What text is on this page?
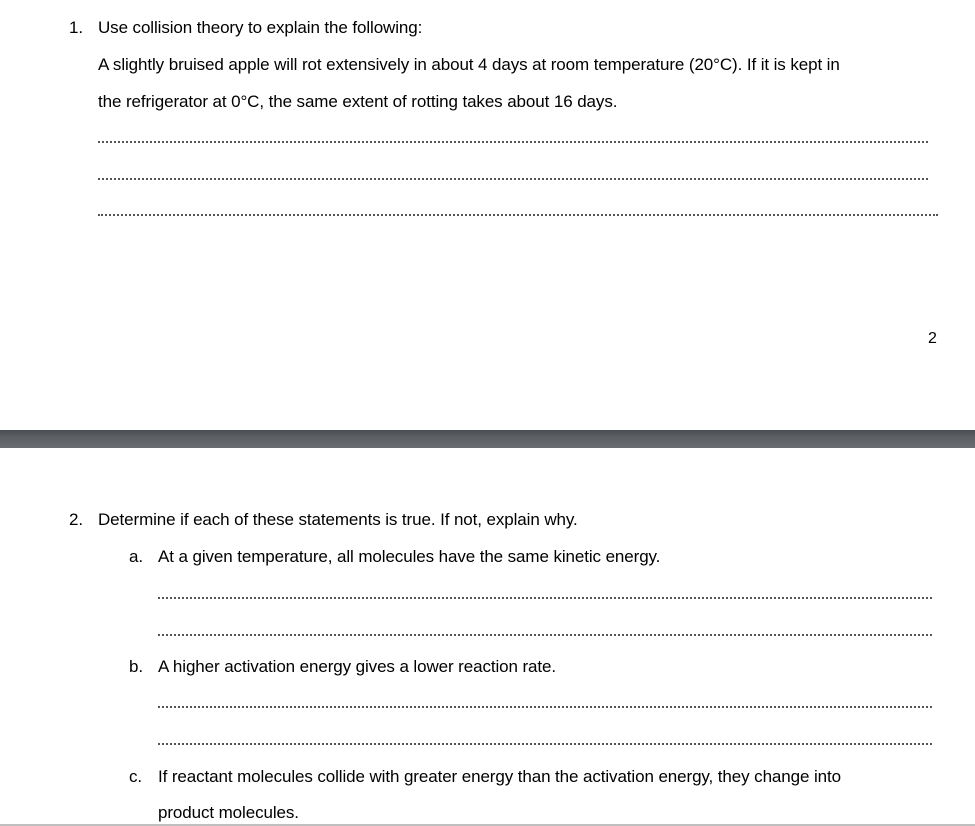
1. Use collision theory to explain the following:
A slightly bruised apple will rot extensively in about 4 days at room temperature (20°C). If it is kept in
the refrigerator at 0°C, the same extent of rotting takes about 16 days.
2
2. Determine if each of these statements is true. If not, explain why.
a. At a given temperature, all molecules have the same kinetic energy.
b. A higher activation energy gives a lower reaction rate.
c. If reactant molecules collide with greater energy than the activation energy, they change into
product molecules.
